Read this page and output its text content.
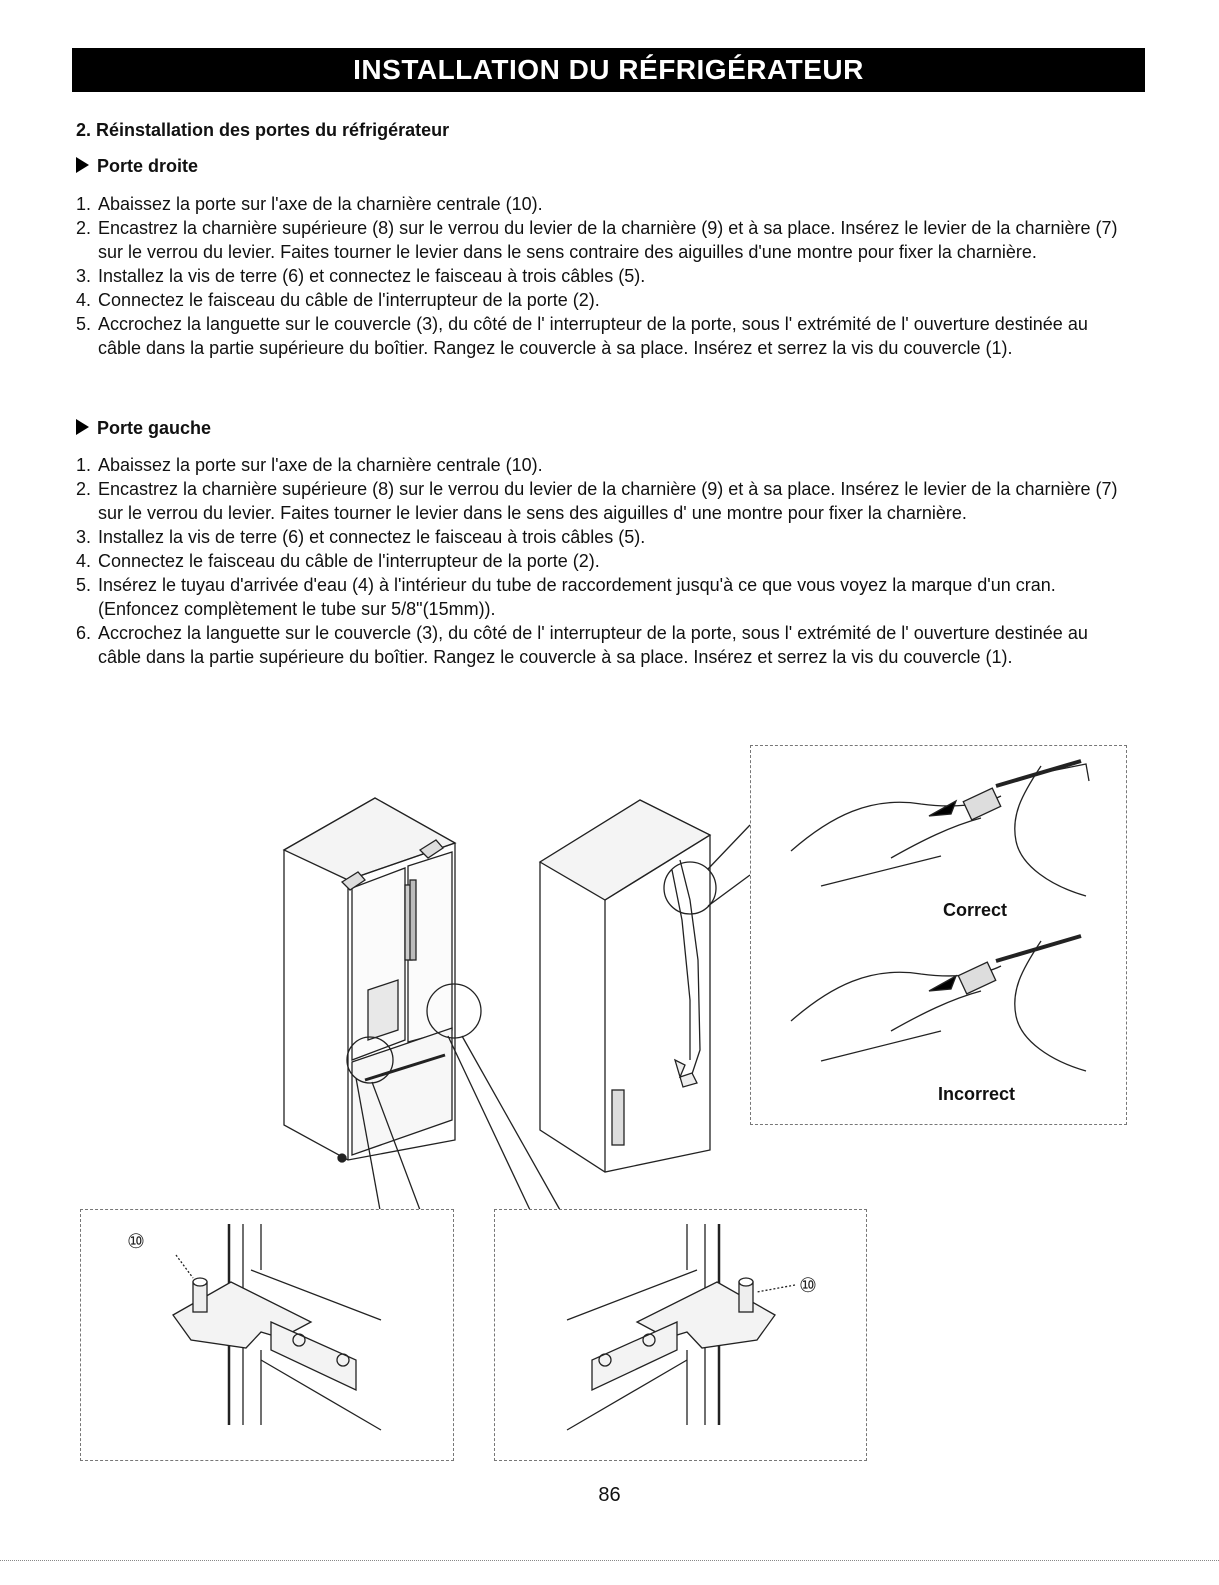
INSTALLATION DU RÉFRIGÉRATEUR
2. Réinstallation des portes du réfrigérateur
Porte droite
1. Abaissez la porte sur l'axe de la charnière centrale (10).
2. Encastrez la charnière supérieure (8) sur le verrou du levier de la charnière (9) et à sa place. Insérez le levier de la charnière (7) sur le verrou du levier. Faites tourner le levier dans le sens contraire des aiguilles d'une montre pour fixer la charnière.
3. Installez la vis de terre (6) et connectez le faisceau à trois câbles (5).
4. Connectez le faisceau du câble de l'interrupteur de la porte (2).
5. Accrochez la languette sur le couvercle (3), du côté de l' interrupteur de la porte, sous l' extrémité de l' ouverture destinée au câble dans la partie supérieure du boîtier. Rangez le couvercle à sa place. Insérez et serrez la vis du couvercle (1).
Porte gauche
1. Abaissez la porte sur l'axe de la charnière centrale (10).
2. Encastrez la charnière supérieure (8) sur le verrou du levier de la charnière (9) et à sa place. Insérez le levier de la charnière (7) sur le verrou du levier. Faites tourner le levier dans le sens des aiguilles d' une montre pour fixer la charnière.
3. Installez la vis de terre (6) et connectez le faisceau à trois câbles (5).
4. Connectez le faisceau du câble de l'interrupteur de la porte (2).
5. Insérez le tuyau d'arrivée d'eau (4) à l'intérieur du tube de raccordement jusqu'à ce que vous voyez la marque d'un cran. (Enfoncez complètement le tube sur 5/8"(15mm)).
6. Accrochez la languette sur le couvercle (3), du côté de l' interrupteur de la porte, sous l' extrémité de l' ouverture destinée au câble dans la partie supérieure du boîtier. Rangez le couvercle à sa place. Insérez et serrez la vis du couvercle (1).
Correct
Incorrect
⑩
⑩
86
